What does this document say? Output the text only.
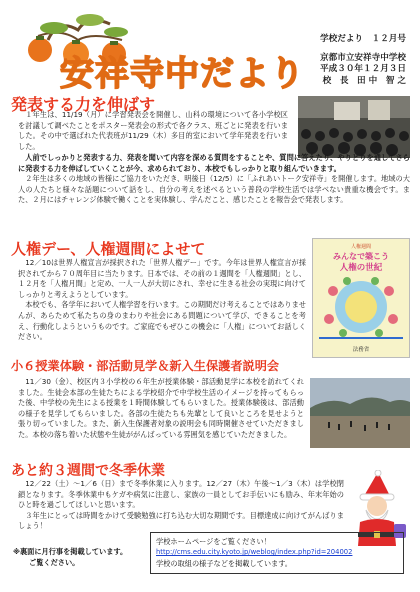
安祥寺中だより
学校だより　１２月号
京都市立安祥寺中学校
平成３０年１２月３日
校　長　田 中　智 之
発表する力を伸ばす

１年生は、11/19（月）に学習発表会を開催し、山科の環境について各小学校区を討議して調べたことをポスター発表会の形式で各クラス、班ごとに発表を行いました。その中で選ばれた代表班が11/29（木）多目的室において学年発表を行いました。

人前でしっかりと発表する力、発表を聞いて内容を深める質問をすることや、質問に答えたり、やりとりを通してさらに発表する力を伸ばしていくことが今、求められており、本校でもしっかりと取り組んでいきます。

２年生は多くの地域の皆様にご協力をいただき、明後日（12/5）に「ふれあいトーク安祥寺」を開催します。地域の大人の人たちと様々な話題について話をし、自分の考えを述べるという普段の学校生活では学べない貴重な機会です。また、２月にはチャレンジ体験で働くことを実体験し、学んだこと、感じたことを報告会で発表します。

人権デー、人権週間によせて

12／10は世界人権宣言が採択された「世界人権デー」です。今年は世界人権宣言が採択されてから７０周年目に当たります。日本では、その前の１週間を「人権週間」とし、１２月を「人権月間」と定め、一人一人が大切にされ、幸せに生きる社会の実現に向けてしっかりと考えようとしています。

本校でも、各学年において人権学習を行います。この期間だけ考えることではありませんが、あらためて私たちの身のまわりや社会にある問題について学び、できることを考え、行動化しようというものです。ご家庭でもぜひこの機会に「人権」についてお話しください。

人権週間
みんなで築こう
人権の世紀
法務省
小６授業体験・部活動見学＆新入生保護者説明会

11／30（金）、校区内３小学校の６年生が授業体験・部活動見学に本校を訪れてくれました。生徒会本部の生徒たちによる学校紹介で中学校生活のイメージを持ってもらった後、中学校の先生による授業を１時間体験してもらいました。授業体験後は、部活動の様子を見学してもらいました。各部の生徒たちも先輩として良いところを見せようと張り切っていました。また、新入生保護者対象の説明会も同時開催させていただきました。本校の落ち着いた状態や生徒ががんばっている雰囲気を感じていただきました。

あと約３週間で冬季休業

12／22（土）～1／6（日）まで冬季休業に入ります。12／27（木）午後～1／3（木）は学校閉鎖となります。冬季休業中もケガや病気に注意し、家族の一員としてお手伝いにも励み、年末年始のひと時を過ごしてほしいと思います。

３年生にとっては時間をかけて受験勉強に打ち込む大切な期間です。目標達成に向けてがんばりましょう！

※裏面に月行事を掲載しています。
ご覧ください。
学校ホームページをご覧ください！
http://cms.edu.city.kyoto.jp/weblog/index.php?id=204002
学校の取組の様子などを掲載しています。
